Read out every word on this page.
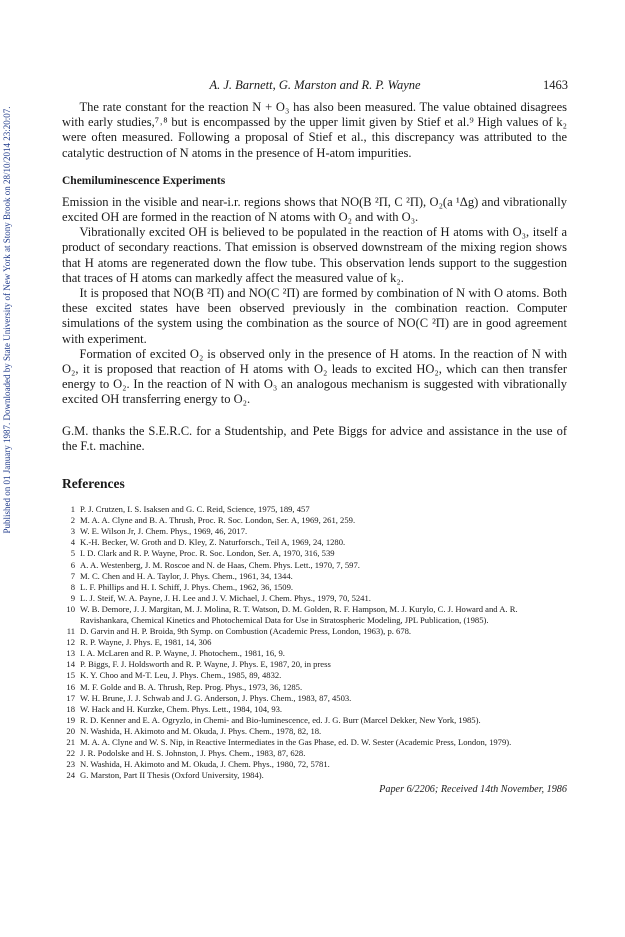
Published on 01 January 1987. Downloaded by State University of New York at Stony Brook on 28/10/2014 23:20:07.
A. J. Barnett, G. Marston and R. P. Wayne	1463

The rate constant for the reaction N + O₃ has also been measured. The value obtained disagrees with early studies,⁷˒⁸ but is encompassed by the upper limit given by Stief et al.⁹ High values of k₂ were often measured. Following a proposal of Stief et al., this discrepancy was attributed to the catalytic destruction of N atoms in the presence of H-atom impurities.

Chemiluminescence Experiments

Emission in the visible and near-i.r. regions shows that NO(B ²Π, C ²Π), O₂(a ¹Δg) and vibrationally excited OH are formed in the reaction of N atoms with O₂ and with O₃.

Vibrationally excited OH is believed to be populated in the reaction of H atoms with O₃, itself a product of secondary reactions. That emission is observed downstream of the mixing region shows that H atoms are regenerated down the flow tube. This observation lends support to the suggestion that traces of H atoms can markedly affect the measured value of k₂.

It is proposed that NO(B ²Π) and NO(C ²Π) are formed by combination of N with O atoms. Both these excited states have been observed previously in the combination reaction. Computer simulations of the system using the combination as the source of NO(C ²Π) are in good agreement with experiment.

Formation of excited O₂ is observed only in the presence of H atoms. In the reaction of N with O₂, it is proposed that reaction of H atoms with O₂ leads to excited HO₂, which can then transfer energy to O₂. In the reaction of N with O₃ an analogous mechanism is suggested with vibrationally excited OH transferring energy to O₂.

G.M. thanks the S.E.R.C. for a Studentship, and Pete Biggs for advice and assistance in the use of the F.t. machine.

References
1 P. J. Crutzen, I. S. Isaksen and G. C. Reid, Science, 1975, 189, 457
2 M. A. A. Clyne and B. A. Thrush, Proc. R. Soc. London, Ser. A, 1969, 261, 259.
3 W. E. Wilson Jr, J. Chem. Phys., 1969, 46, 2017.
4 K.-H. Becker, W. Groth and D. Kley, Z. Naturforsch., Teil A, 1969, 24, 1280.
5 I. D. Clark and R. P. Wayne, Proc. R. Soc. London, Ser. A, 1970, 316, 539
6 A. A. Westenberg, J. M. Roscoe and N. de Haas, Chem. Phys. Lett., 1970, 7, 597.
7 M. C. Chen and H. A. Taylor, J. Phys. Chem., 1961, 34, 1344.
8 L. F. Phillips and H. I. Schiff, J. Phys. Chem., 1962, 36, 1509.
9 L. J. Steif, W. A. Payne, J. H. Lee and J. V. Michael, J. Chem. Phys., 1979, 70, 5241.
10 W. B. Demore, J. J. Margitan, M. J. Molina, R. T. Watson, D. M. Golden, R. F. Hampson, M. J. Kurylo, C. J. Howard and A. R. Ravishankara, Chemical Kinetics and Photochemical Data for Use in Stratospheric Modeling, JPL Publication, (1985).
11 D. Garvin and H. P. Broida, 9th Symp. on Combustion (Academic Press, London, 1963), p. 678.
12 R. P. Wayne, J. Phys. E, 1981, 14, 306
13 I. A. McLaren and R. P. Wayne, J. Photochem., 1981, 16, 9.
14 P. Biggs, F. J. Holdsworth and R. P. Wayne, J. Phys. E, 1987, 20, in press
15 K. Y. Choo and M-T. Leu, J. Phys. Chem., 1985, 89, 4832.
16 M. F. Golde and B. A. Thrush, Rep. Prog. Phys., 1973, 36, 1285.
17 W. H. Brune, J. J. Schwab and J. G. Anderson, J. Phys. Chem., 1983, 87, 4503.
18 W. Hack and H. Kurzke, Chem. Phys. Lett., 1984, 104, 93.
19 R. D. Kenner and E. A. Ogryzlo, in Chemi- and Bio-luminescence, ed. J. G. Burr (Marcel Dekker, New York, 1985).
20 N. Washida, H. Akimoto and M. Okuda, J. Phys. Chem., 1978, 82, 18.
21 M. A. A. Clyne and W. S. Nip, in Reactive Intermediates in the Gas Phase, ed. D. W. Sester (Academic Press, London, 1979).
22 J. R. Podolske and H. S. Johnston, J. Phys. Chem., 1983, 87, 628.
23 N. Washida, H. Akimoto and M. Okuda, J. Chem. Phys., 1980, 72, 5781.
24 G. Marston, Part II Thesis (Oxford University, 1984).
Paper 6/2206; Received 14th November, 1986
